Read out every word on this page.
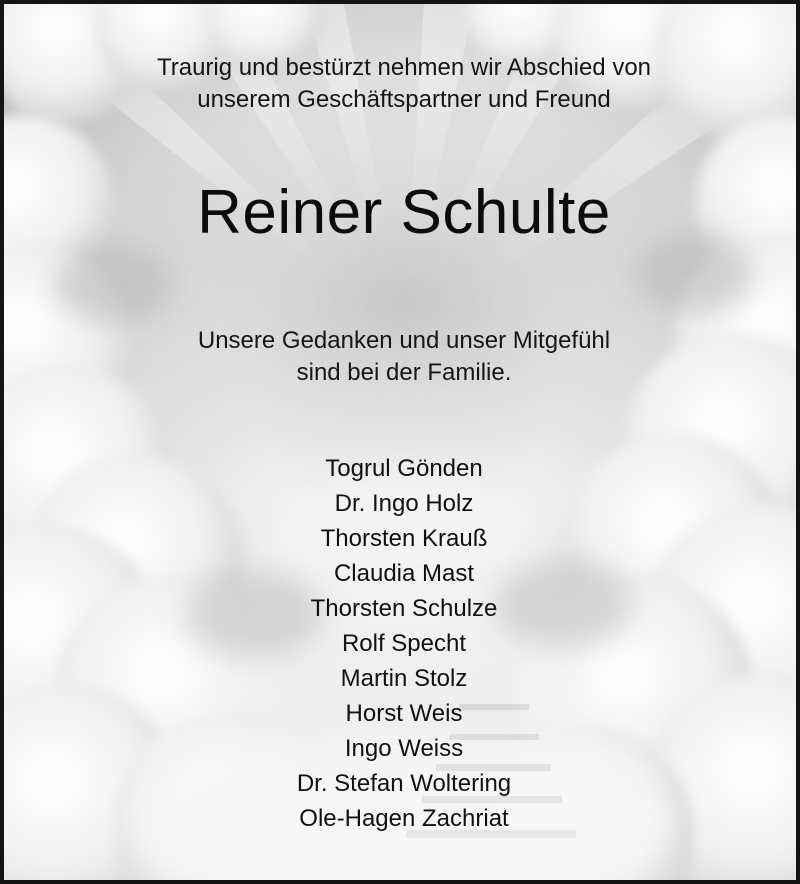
Traurig und bestürzt nehmen wir Abschied von
unserem Geschäftspartner und Freund
Reiner Schulte
Unsere Gedanken und unser Mitgefühl
sind bei der Familie.
Togrul Gönden
Dr. Ingo Holz
Thorsten Krauß
Claudia Mast
Thorsten Schulze
Rolf Specht
Martin Stolz
Horst Weis
Ingo Weiss
Dr. Stefan Woltering
Ole-Hagen Zachriat
